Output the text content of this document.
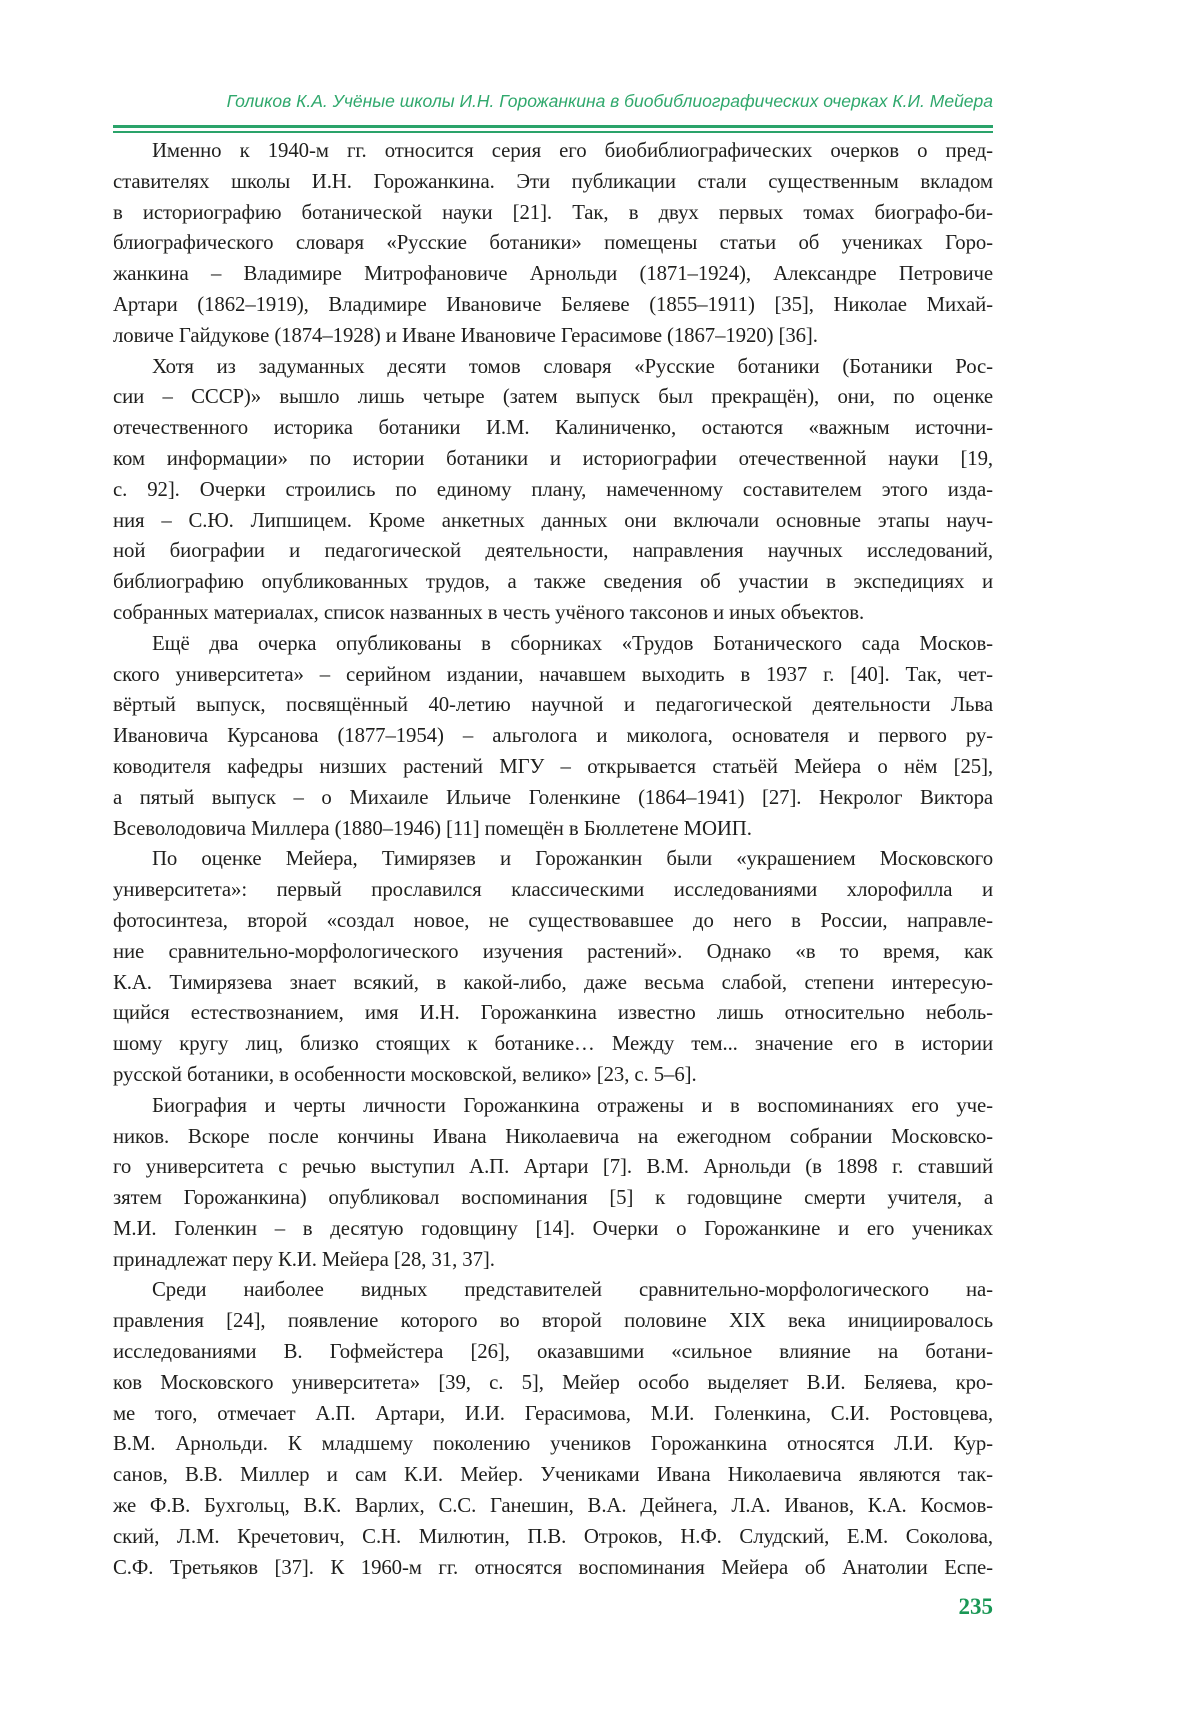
Голиков К.А. Учёные школы И.Н. Горожанкина в биобиблиографических очерках К.И. Мейера
Именно к 1940-м гг. относится серия его биобиблиографических очерков о пред-
ставителях школы И.Н. Горожанкина. Эти публикации стали существенным вкладом
в историографию ботанической науки [21]. Так, в двух первых томах биографо-би-
блиографического словаря «Русские ботаники» помещены статьи об учениках Горо-
жанкина – Владимире Митрофановиче Арнольди (1871–1924), Александре Петровиче
Артари (1862–1919), Владимире Ивановиче Беляеве (1855–1911) [35], Николае Михай-
ловиче Гайдукове (1874–1928) и Иване Ивановиче Герасимове (1867–1920) [36].
Хотя из задуманных десяти томов словаря «Русские ботаники (Ботаники Рос-
сии – СССР)» вышло лишь четыре (затем выпуск был прекращён), они, по оценке
отечественного историка ботаники И.М. Калиниченко, остаются «важным источни-
ком информации» по истории ботаники и историографии отечественной науки [19,
с. 92]. Очерки строились по единому плану, намеченному составителем этого изда-
ния – С.Ю. Липшицем. Кроме анкетных данных они включали основные этапы науч-
ной биографии и педагогической деятельности, направления научных исследований,
библиографию опубликованных трудов, а также сведения об участии в экспедициях и
собранных материалах, список названных в честь учёного таксонов и иных объектов.
Ещё два очерка опубликованы в сборниках «Трудов Ботанического сада Москов-
ского университета» – серийном издании, начавшем выходить в 1937 г. [40]. Так, чет-
вёртый выпуск, посвящённый 40-летию научной и педагогической деятельности Льва
Ивановича Курсанова (1877–1954) – альголога и миколога, основателя и первого ру-
ководителя кафедры низших растений МГУ – открывается статьёй Мейера о нём [25],
а пятый выпуск – о Михаиле Ильиче Голенкине (1864–1941) [27]. Некролог Виктора
Всеволодовича Миллера (1880–1946) [11] помещён в Бюллетене МОИП.
По оценке Мейера, Тимирязев и Горожанкин были «украшением Московского
университета»: первый прославился классическими исследованиями хлорофилла и
фотосинтеза, второй «создал новое, не существовавшее до него в России, направле-
ние сравнительно-морфологического изучения растений». Однако «в то время, как
К.А. Тимирязева знает всякий, в какой-либо, даже весьма слабой, степени интересую-
щийся естествознанием, имя И.Н. Горожанкина известно лишь относительно неболь-
шому кругу лиц, близко стоящих к ботанике… Между тем... значение его в истории
русской ботаники, в особенности московской, велико» [23, с. 5–6].
Биография и черты личности Горожанкина отражены и в воспоминаниях его уче-
ников. Вскоре после кончины Ивана Николаевича на ежегодном собрании Московско-
го университета с речью выступил А.П. Артари [7]. В.М. Арнольди (в 1898 г. ставший
зятем Горожанкина) опубликовал воспоминания [5] к годовщине смерти учителя, а
М.И. Голенкин – в десятую годовщину [14]. Очерки о Горожанкине и его учениках
принадлежат перу К.И. Мейера [28, 31, 37].
Среди наиболее видных представителей сравнительно-морфологического на-
правления [24], появление которого во второй половине XIX века инициировалось
исследованиями В. Гофмейстера [26], оказавшими «сильное влияние на ботани-
ков Московского университета» [39, с. 5], Мейер особо выделяет В.И. Беляева, кро-
ме того, отмечает А.П. Артари, И.И. Герасимова, М.И. Голенкина, С.И. Ростовцева,
В.М. Арнольди. К младшему поколению учеников Горожанкина относятся Л.И. Кур-
санов, В.В. Миллер и сам К.И. Мейер. Учениками Ивана Николаевича являются так-
же Ф.В. Бухгольц, В.К. Варлих, С.С. Ганешин, В.А. Дейнега, Л.А. Иванов, К.А. Космов-
ский, Л.М. Кречетович, С.Н. Милютин, П.В. Отроков, Н.Ф. Слудский, Е.М. Соколова,
С.Ф. Третьяков [37]. К 1960-м гг. относятся воспоминания Мейера об Анатолии Еспе-
235
